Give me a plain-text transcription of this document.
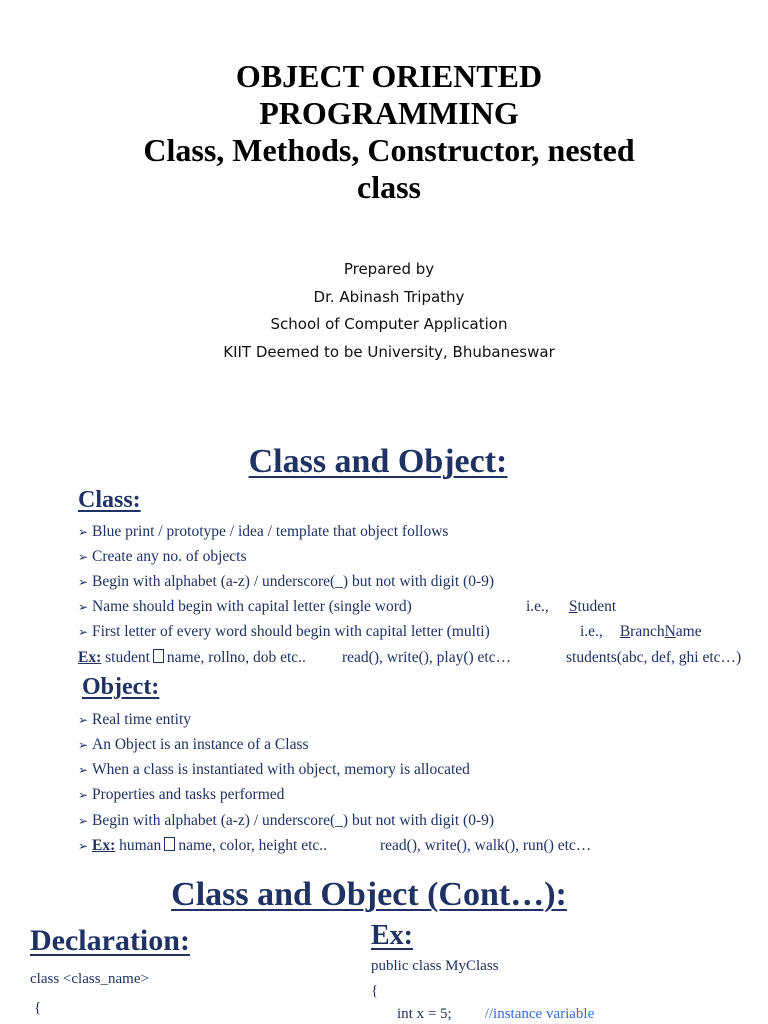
OBJECT ORIENTED
PROGRAMMING
Class, Methods, Constructor, nested
class
Prepared by
Dr. Abinash Tripathy
School of Computer Application
KIIT Deemed to be University, Bhubaneswar
Class and Object:
Class:
➢ Blue print / prototype / idea / template that object follows
➢ Create any no. of objects
➢ Begin with alphabet (a-z) / underscore(_) but not with digit (0-9)
➢ Name should begin with capital letter (single word)	i.e., Student
➢ First letter of every word should begin with capital letter (multi)	i.e., BranchName
Ex: student name, rollno, dob etc.. read(), write(), play() etc…	students(abc, def, ghi etc…)
Object:
➢ Real time entity
➢ An Object is an instance of a Class
➢ When a class is instantiated with object, memory is allocated
➢ Properties and tasks performed
➢ Begin with alphabet (a-z) / underscore(_) but not with digit (0-9)
➢ Ex: human name, color, height etc..	read(), write(), walk(), run() etc…
Class and Object (Cont…):
Declaration:
class <class_name>
{
Ex:
public class MyClass
{
int x = 5; //instance variable
